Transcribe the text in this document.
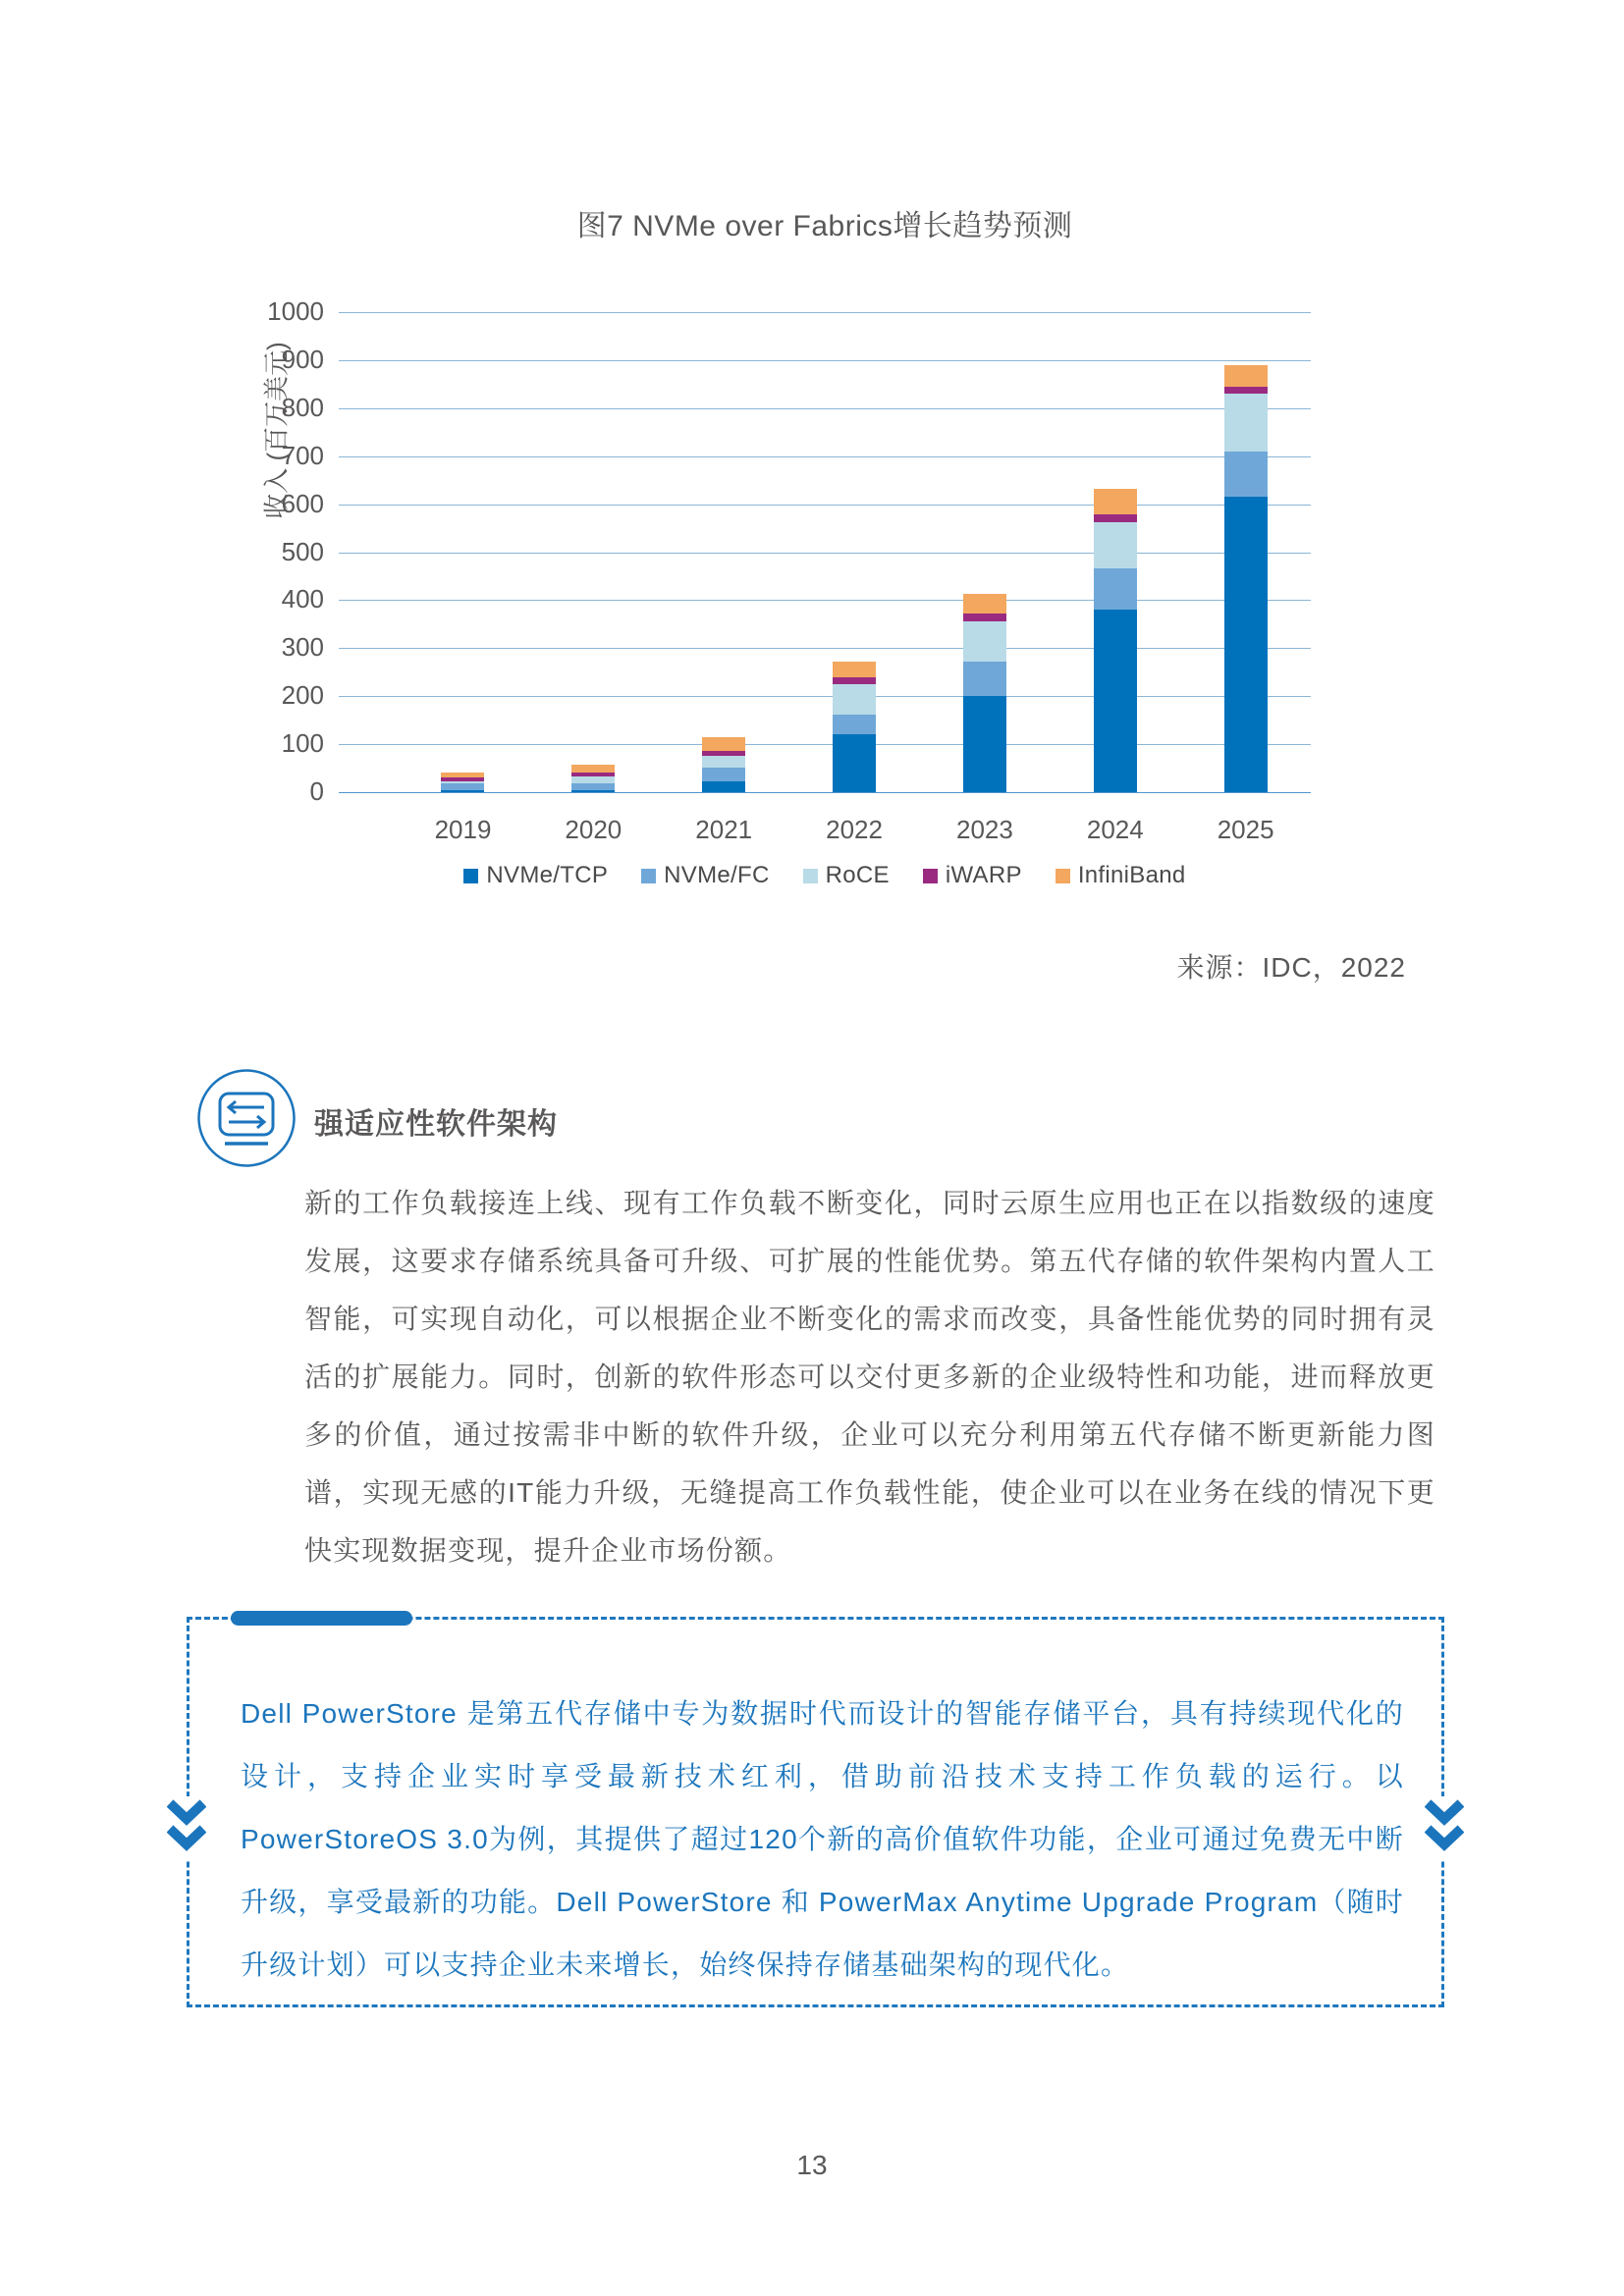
图7 NVMe over Fabrics增长趋势预测
收入 (百万美元)
0
100
200
300
400
500
600
700
800
900
1000
2019	2020	2021	2022	2023	2024	2025
NVMe/TCP NVMe/FC RoCE iWARP InfiniBand
来源：IDC，2022
强适应性软件架构
新的工作负载接连上线、现有工作负载不断变化，同时云原生应用也正在以指数级的速度发展，这要求存储系统具备可升级、可扩展的性能优势。第五代存储的软件架构内置人工智能，可实现自动化，可以根据企业不断变化的需求而改变，具备性能优势的同时拥有灵活的扩展能力。同时，创新的软件形态可以交付更多新的企业级特性和功能，进而释放更多的价值，通过按需非中断的软件升级，企业可以充分利用第五代存储不断更新能力图谱，实现无感的IT能力升级，无缝提高工作负载性能，使企业可以在业务在线的情况下更快实现数据变现，提升企业市场份额。
Dell PowerStore 是第五代存储中专为数据时代而设计的智能存储平台，具有持续现代化的设计，支持企业实时享受最新技术红利，借助前沿技术支持工作负载的运行。以PowerStoreOS 3.0为例，其提供了超过120个新的高价值软件功能，企业可通过免费无中断升级，享受最新的功能。Dell PowerStore 和 PowerMax Anytime Upgrade Program（随时升级计划）可以支持企业未来增长，始终保持存储基础架构的现代化。
13
